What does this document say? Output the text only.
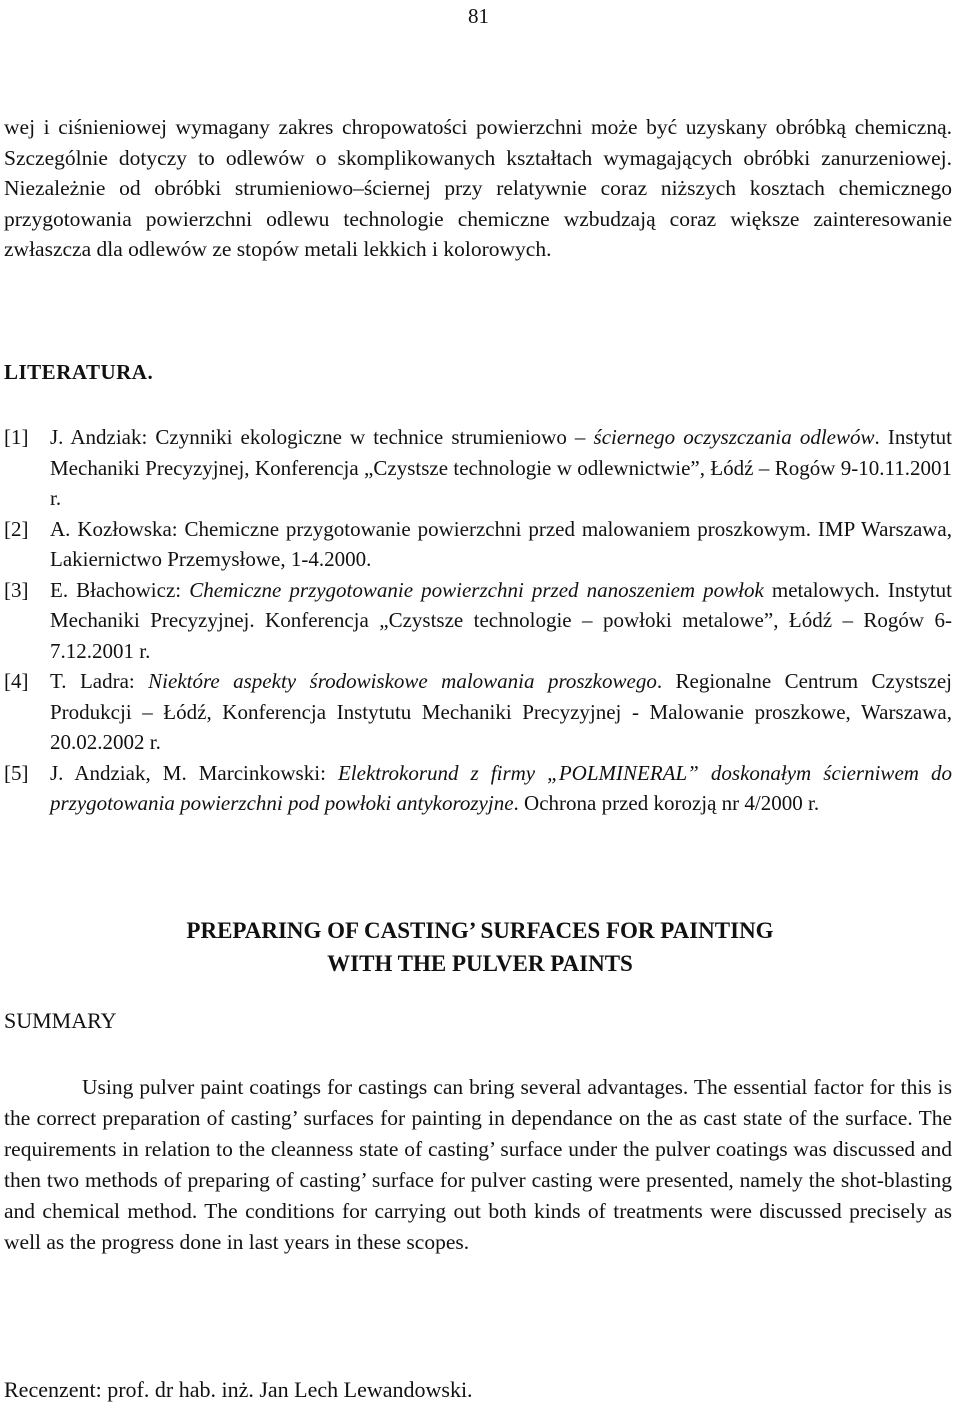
81

wej i ciśnieniowej wymagany zakres chropowatości powierzchni może być uzyskany obróbką chemiczną. Szczególnie dotyczy to odlewów o skomplikowanych kształtach wymagających obróbki zanurzeniowej. Niezależnie od obróbki strumieniowo–ściernej przy relatywnie coraz niższych kosztach chemicznego przygotowania powierzchni odlewu technologie chemiczne wzbudzają coraz większe zainteresowanie zwłaszcza dla odlewów ze stopów metali lekkich i kolorowych.

LITERATURA.
[1] J. Andziak: Czynniki ekologiczne w technice strumieniowo – ściernego oczyszczania odlewów. Instytut Mechaniki Precyzyjnej, Konferencja „Czystsze technologie w odlewnictwie”, Łódź – Rogów 9-10.11.2001 r.
[2] A. Kozłowska: Chemiczne przygotowanie powierzchni przed malowaniem proszkowym. IMP Warszawa, Lakiernictwo Przemysłowe, 1-4.2000.
[3] E. Błachowicz: Chemiczne przygotowanie powierzchni przed nanoszeniem powłok metalowych. Instytut Mechaniki Precyzyjnej. Konferencja „Czystsze technologie – powłoki metalowe”, Łódź – Rogów 6-7.12.2001 r.
[4] T. Ladra: Niektóre aspekty środowiskowe malowania proszkowego. Regionalne Centrum Czystszej Produkcji – Łódź, Konferencja Instytutu Mechaniki Precyzyjnej - Malowanie proszkowe, Warszawa, 20.02.2002 r.
[5] J. Andziak, M. Marcinkowski: Elektrokorund z firmy „POLMINERAL” doskonałym ścierniwem do przygotowania powierzchni pod powłoki antykorozyjne. Ochrona przed korozją nr 4/2000 r.
PREPARING OF CASTING’ SURFACES FOR PAINTING
WITH THE PULVER PAINTS
SUMMARY

Using pulver paint coatings for castings can bring several advantages. The essential factor for this is the correct preparation of casting’ surfaces for painting in dependance on the as cast state of the surface. The requirements in relation to the cleanness state of casting’ surface under the pulver coatings was discussed and then two methods of preparing of casting’ surface for pulver casting were presented, namely the shot-blasting and chemical method. The conditions for carrying out both kinds of treatments were discussed precisely as well as the progress done in last years in these scopes.

Recenzent: prof. dr hab. inż. Jan Lech Lewandowski.
